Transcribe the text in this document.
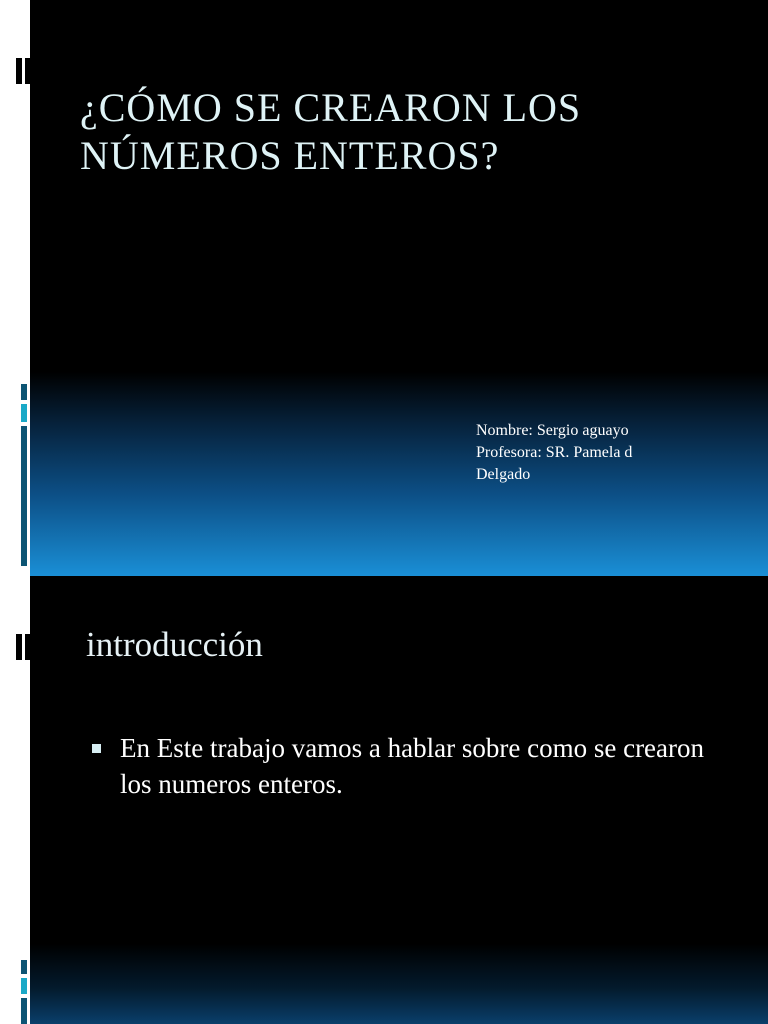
¿CÓMO SE CREARON LOS NÚMEROS ENTEROS?
Nombre: Sergio aguayo
Profesora: SR. Pamela d
Delgado
introducción
En Este trabajo vamos a hablar sobre como se crearon los numeros enteros.
